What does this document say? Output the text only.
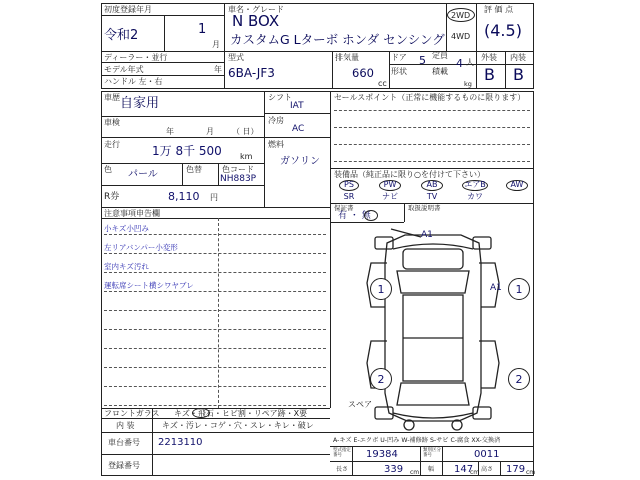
初度登録年月
令和2	1
月
ディーラー・並行
モデル年式	年
ハンドル 左・右
車名・グレード
N BOX
カスタムG Lターボ ホンダ センシング
2WD
4WD
評 価 点
(4.5)
型式
6BA-JF3
排気量
660
cc
ドア 5 定員
4 人
形状	積載
kg
外装 内装
B B
車歴 自家用
車検
年	月 （ 日）
走行	1万 8千 500 km
色 パール	色替	色コード
NH883P
R券	8,110 円
注意事項申告欄
小キズ小凹み
左リアバンパー小変形
室内キズ汚れ
運転席シート横シワヤブレ
シフト
IAT
冷房
AC
燃料
ガソリン
セールスポイント（正常に機能するものに限ります）
装備品（純正品に限り○を付けて下さい）
PS	PW	AB	エアB	AW
SR	ナビ	TV	カワ
保証書
有 ・ 無
取扱説明書
A1
A1
1	1
2	2
スペア
フロントガラス キズ・飛石・ヒビ割・リペア跡・X要
内 装	キズ・汚レ・コゲ・穴・スレ・キレ・破レ
車台番号 2213110
登録番号
A-キズ E-エクボ U-凹み W-補修跡 S-サビ C-腐食 XX-交換済
型式指定番号	19384	類別区分番号	0011
長さ	339 cm 幅 147
cm 高さ 179 cm
